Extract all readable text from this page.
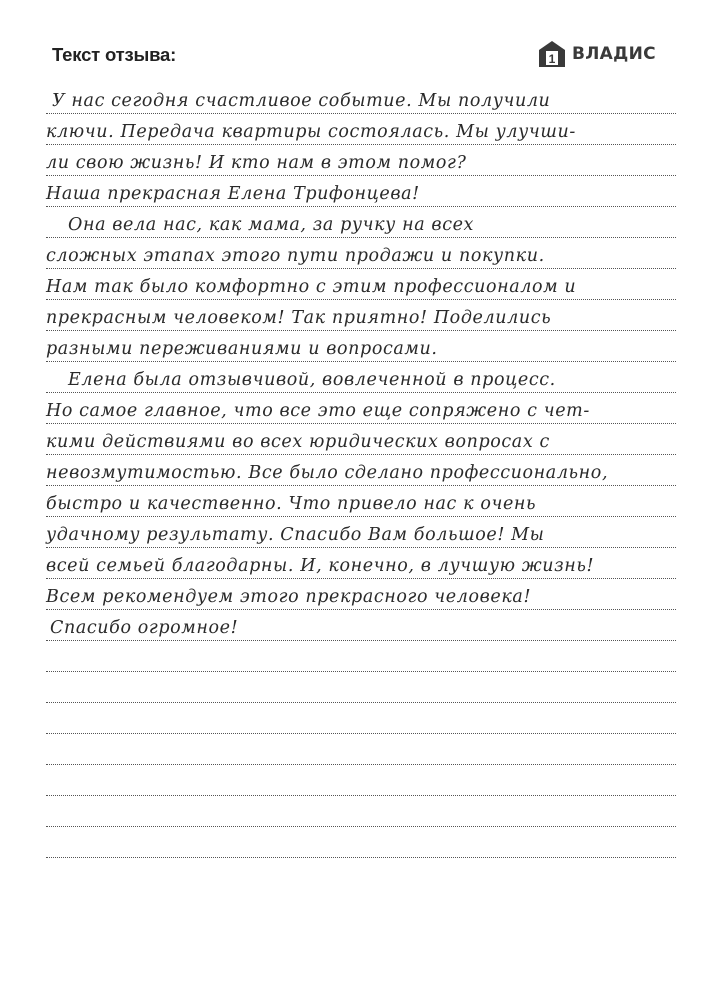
Текст отзыва:	1 ВЛАДИС
У нас сегодня счастливое событие. Мы получили
ключи. Передача квартиры состоялась. Мы улучши-
ли свою жизнь! И кто нам в этом помог?
Наша прекрасная Елена Трифонцева!
Она вела нас, как мама, за ручку на всех
сложных этапах этого пути продажи и покупки.
Нам так было комфортно с этим профессионалом и
прекрасным человеком! Так приятно! Поделились
разными переживаниями и вопросами.
Елена была отзывчивой, вовлеченной в процесс.
Но самое главное, что все это еще сопряжено с чет-
кими действиями во всех юридических вопросах с
невозмутимостью. Все было сделано профессионально,
быстро и качественно. Что привело нас к очень
удачному результату. Спасибо Вам большое! Мы
всей семьей благодарны. И, конечно, в лучшую жизнь!
Всем рекомендуем этого прекрасного человека!
Спасибо огромное!
